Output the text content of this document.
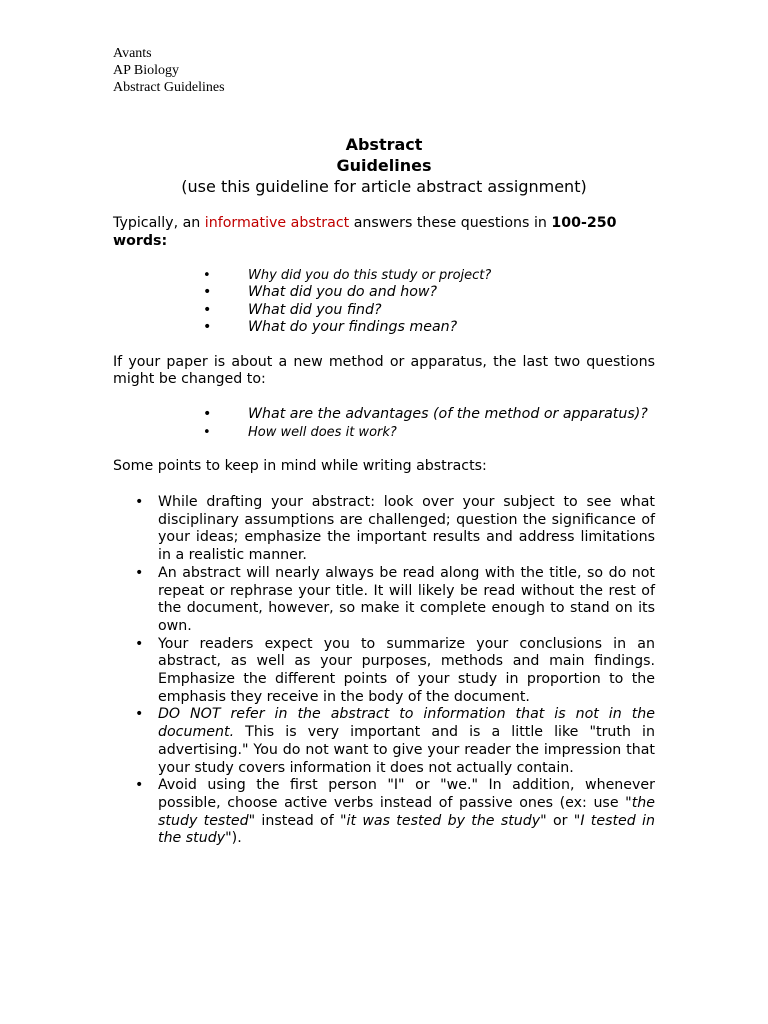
Avants
AP Biology
Abstract Guidelines
Abstract
Guidelines
(use this guideline for article abstract assignment)

Typically, an informative abstract answers these questions in 100-250 words:

•	Why did you do this study or project?
•	What did you do and how?
•	What did you find?
•	What do your findings mean?

If your paper is about a new method or apparatus, the last two questions might be changed to:

•	What are the advantages (of the method or apparatus)?
•	How well does it work?

Some points to keep in mind while writing abstracts:

• While drafting your abstract: look over your subject to see what disciplinary assumptions are challenged; question the significance of your ideas; emphasize the important results and address limitations in a realistic manner.
• An abstract will nearly always be read along with the title, so do not repeat or rephrase your title. It will likely be read without the rest of the document, however, so make it complete enough to stand on its own.
• Your readers expect you to summarize your conclusions in an abstract, as well as your purposes, methods and main findings. Emphasize the different points of your study in proportion to the emphasis they receive in the body of the document.
• DO NOT refer in the abstract to information that is not in the document. This is very important and is a little like "truth in advertising." You do not want to give your reader the impression that your study covers information it does not actually contain.
• Avoid using the first person "I" or "we." In addition, whenever possible, choose active verbs instead of passive ones (ex: use "the study tested" instead of "it was tested by the study" or "I tested in the study").
